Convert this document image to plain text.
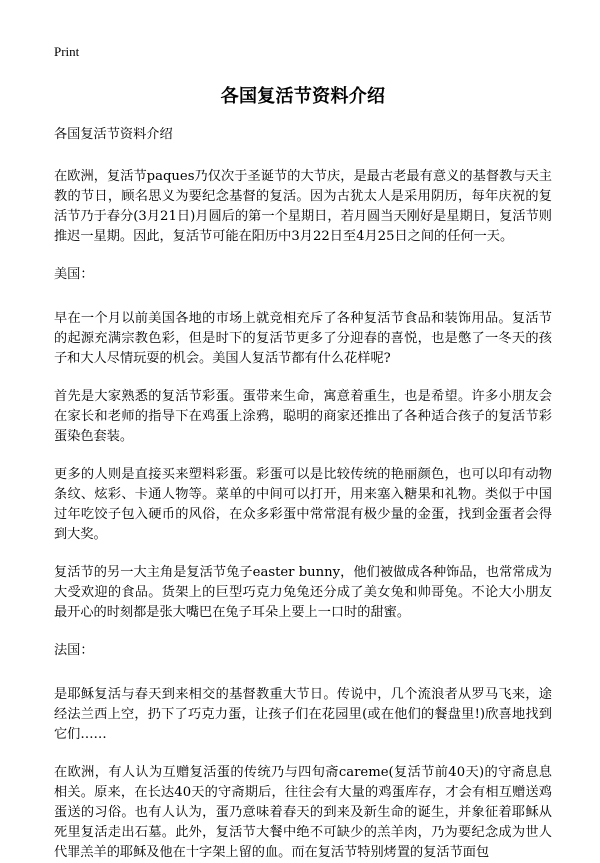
Print
各国复活节资料介绍
各国复活节资料介绍
在欧洲，复活节paques乃仅次于圣诞节的大节庆，是最古老最有意义的基督教与天主教的节日，顾名思义为要纪念基督的复活。因为古犹太人是采用阴历，每年庆祝的复活节乃于春分(3月21日)月圆后的第一个星期日，若月圆当天刚好是星期日，复活节则推迟一星期。因此，复活节可能在阳历中3月22日至4月25日之间的任何一天。
美国：
早在一个月以前美国各地的市场上就竞相充斥了各种复活节食品和装饰用品。复活节的起源充满宗教色彩，但是时下的复活节更多了分迎春的喜悦，也是憋了一冬天的孩子和大人尽情玩耍的机会。美国人复活节都有什么花样呢?
首先是大家熟悉的复活节彩蛋。蛋带来生命，寓意着重生，也是希望。许多小朋友会在家长和老师的指导下在鸡蛋上涂鸦，聪明的商家还推出了各种适合孩子的复活节彩蛋染色套装。
更多的人则是直接买来塑料彩蛋。彩蛋可以是比较传统的艳丽颜色，也可以印有动物条纹、炫彩、卡通人物等。菜单的中间可以打开，用来塞入糖果和礼物。类似于中国过年吃饺子包入硬币的风俗，在众多彩蛋中常常混有极少量的金蛋，找到金蛋者会得到大奖。
复活节的另一大主角是复活节兔子easter bunny，他们被做成各种饰品，也常常成为大受欢迎的食品。货架上的巨型巧克力兔兔还分成了美女兔和帅哥兔。不论大小朋友最开心的时刻都是张大嘴巴在兔子耳朵上要上一口时的甜蜜。
法国：
是耶稣复活与春天到来相交的基督教重大节日。传说中，几个流浪者从罗马飞来，途经法兰西上空，扔下了巧克力蛋，让孩子们在花园里(或在他们的餐盘里!)欣喜地找到它们……
在欧洲，有人认为互赠复活蛋的传统乃与四旬斋careme(复活节前40天)的守斋息息相关。原来，在长达40天的守斋期后，往往会有大量的鸡蛋库存，才会有相互赠送鸡蛋送的习俗。也有人认为，蛋乃意味着春天的到来及新生命的诞生，并象征着耶稣从死里复活走出石墓。此外，复活节大餐中绝不可缺少的羔羊肉，乃为要纪念成为世人代罪羔羊的耶稣及他在十字架上留的血。而在复活节特别烤置的复活节面包
